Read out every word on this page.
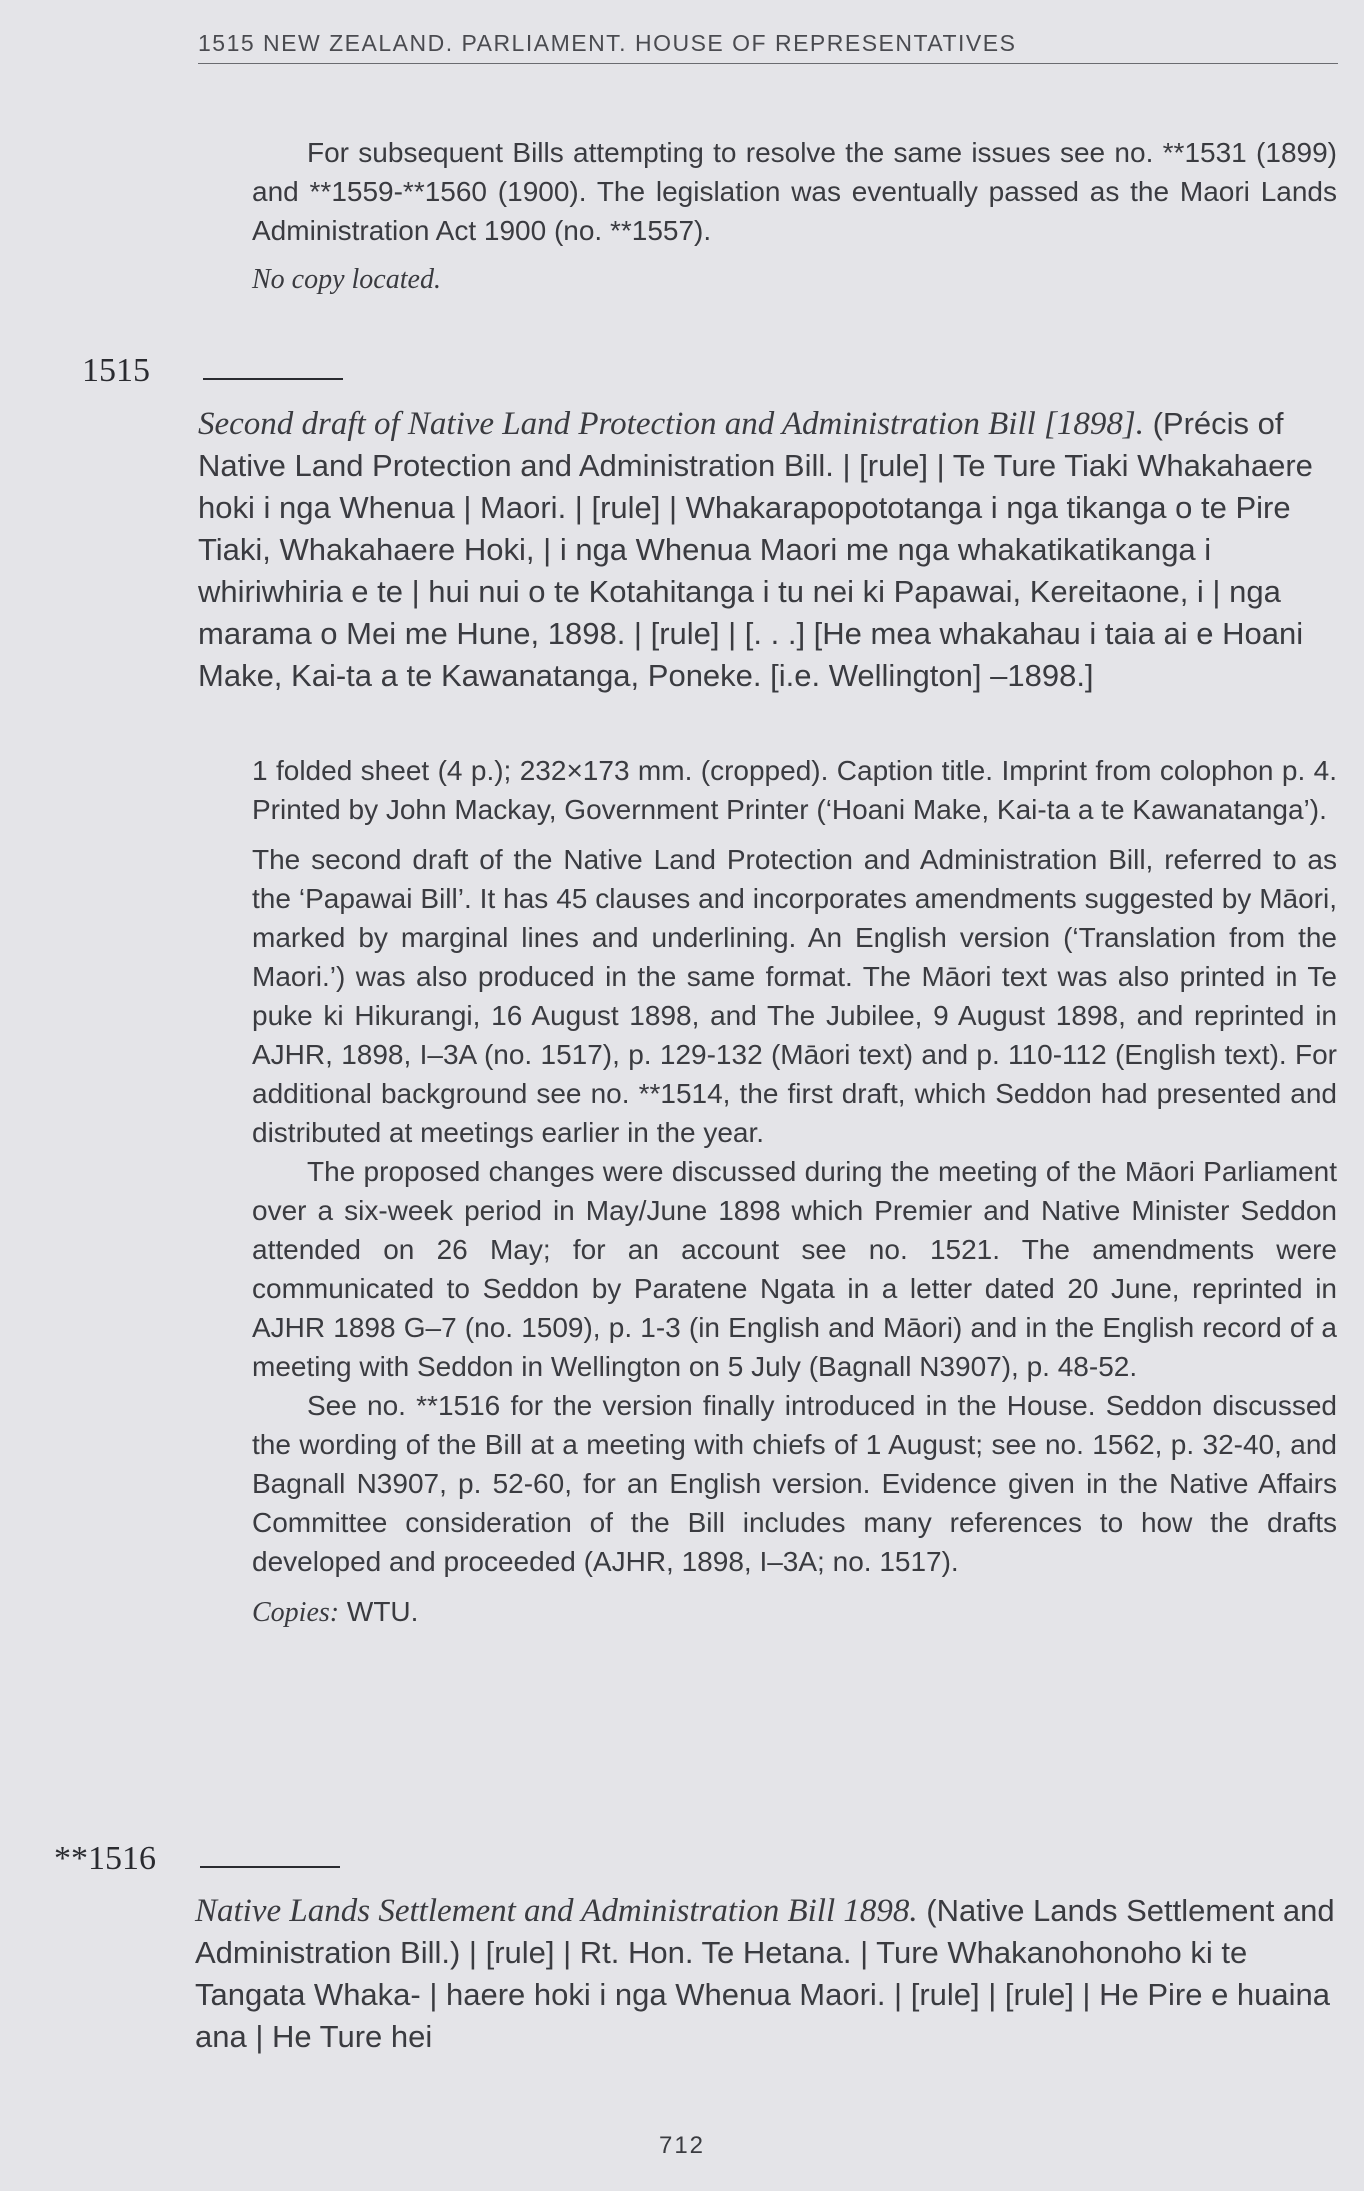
1515 NEW ZEALAND. PARLIAMENT. HOUSE OF REPRESENTATIVES

For subsequent Bills attempting to resolve the same issues see no. **1531 (1899) and **1559-**1560 (1900). The legislation was eventually passed as the Maori Lands Administration Act 1900 (no. **1557).

No copy located.

1515

Second draft of Native Land Protection and Administration Bill [1898]. (Précis of Native Land Protection and Administration Bill. | [rule] | Te Ture Tiaki Whakahaere hoki i nga Whenua | Maori. | [rule] | Whakarapopototanga i nga tikanga o te Pire Tiaki, Whakahaere Hoki, | i nga Whenua Maori me nga whakatikatikanga i whiriwhiria e te | hui nui o te Kotahitanga i tu nei ki Papawai, Kereitaone, i | nga marama o Mei me Hune, 1898. | [rule] | [. . .] [He mea whakahau i taia ai e Hoani Make, Kai-ta a te Kawanatanga, Poneke. [i.e. Wellington] –1898.]

1 folded sheet (4 p.); 232×173 mm. (cropped). Caption title. Imprint from colophon p. 4. Printed by John Mackay, Government Printer (‘Hoani Make, Kai-ta a te Kawanatanga’).

The second draft of the Native Land Protection and Administration Bill, referred to as the ‘Papawai Bill’. It has 45 clauses and incorporates amendments suggested by Māori, marked by marginal lines and underlining. An English version (‘Translation from the Maori.’) was also produced in the same format. The Māori text was also printed in Te puke ki Hikurangi, 16 August 1898, and The Jubilee, 9 August 1898, and reprinted in AJHR, 1898, I–3A (no. 1517), p. 129-132 (Māori text) and p. 110-112 (English text). For additional background see no. **1514, the first draft, which Seddon had presented and distributed at meetings earlier in the year.

The proposed changes were discussed during the meeting of the Māori Parliament over a six-week period in May/June 1898 which Premier and Native Minister Seddon attended on 26 May; for an account see no. 1521. The amendments were communicated to Seddon by Paratene Ngata in a letter dated 20 June, reprinted in AJHR 1898 G–7 (no. 1509), p. 1-3 (in English and Māori) and in the English record of a meeting with Seddon in Wellington on 5 July (Bagnall N3907), p. 48-52.

See no. **1516 for the version finally introduced in the House. Seddon discussed the wording of the Bill at a meeting with chiefs of 1 August; see no. 1562, p. 32-40, and Bagnall N3907, p. 52-60, for an English version. Evidence given in the Native Affairs Committee consideration of the Bill includes many references to how the drafts developed and proceeded (AJHR, 1898, I–3A; no. 1517).

Copies: WTU.

**1516

Native Lands Settlement and Administration Bill 1898. (Native Lands Settlement and Administration Bill.) | [rule] | Rt. Hon. Te Hetana. | Ture Whakanohonoho ki te Tangata Whaka- | haere hoki i nga Whenua Maori. | [rule] | [rule] | He Pire e huaina ana | He Ture hei

712
